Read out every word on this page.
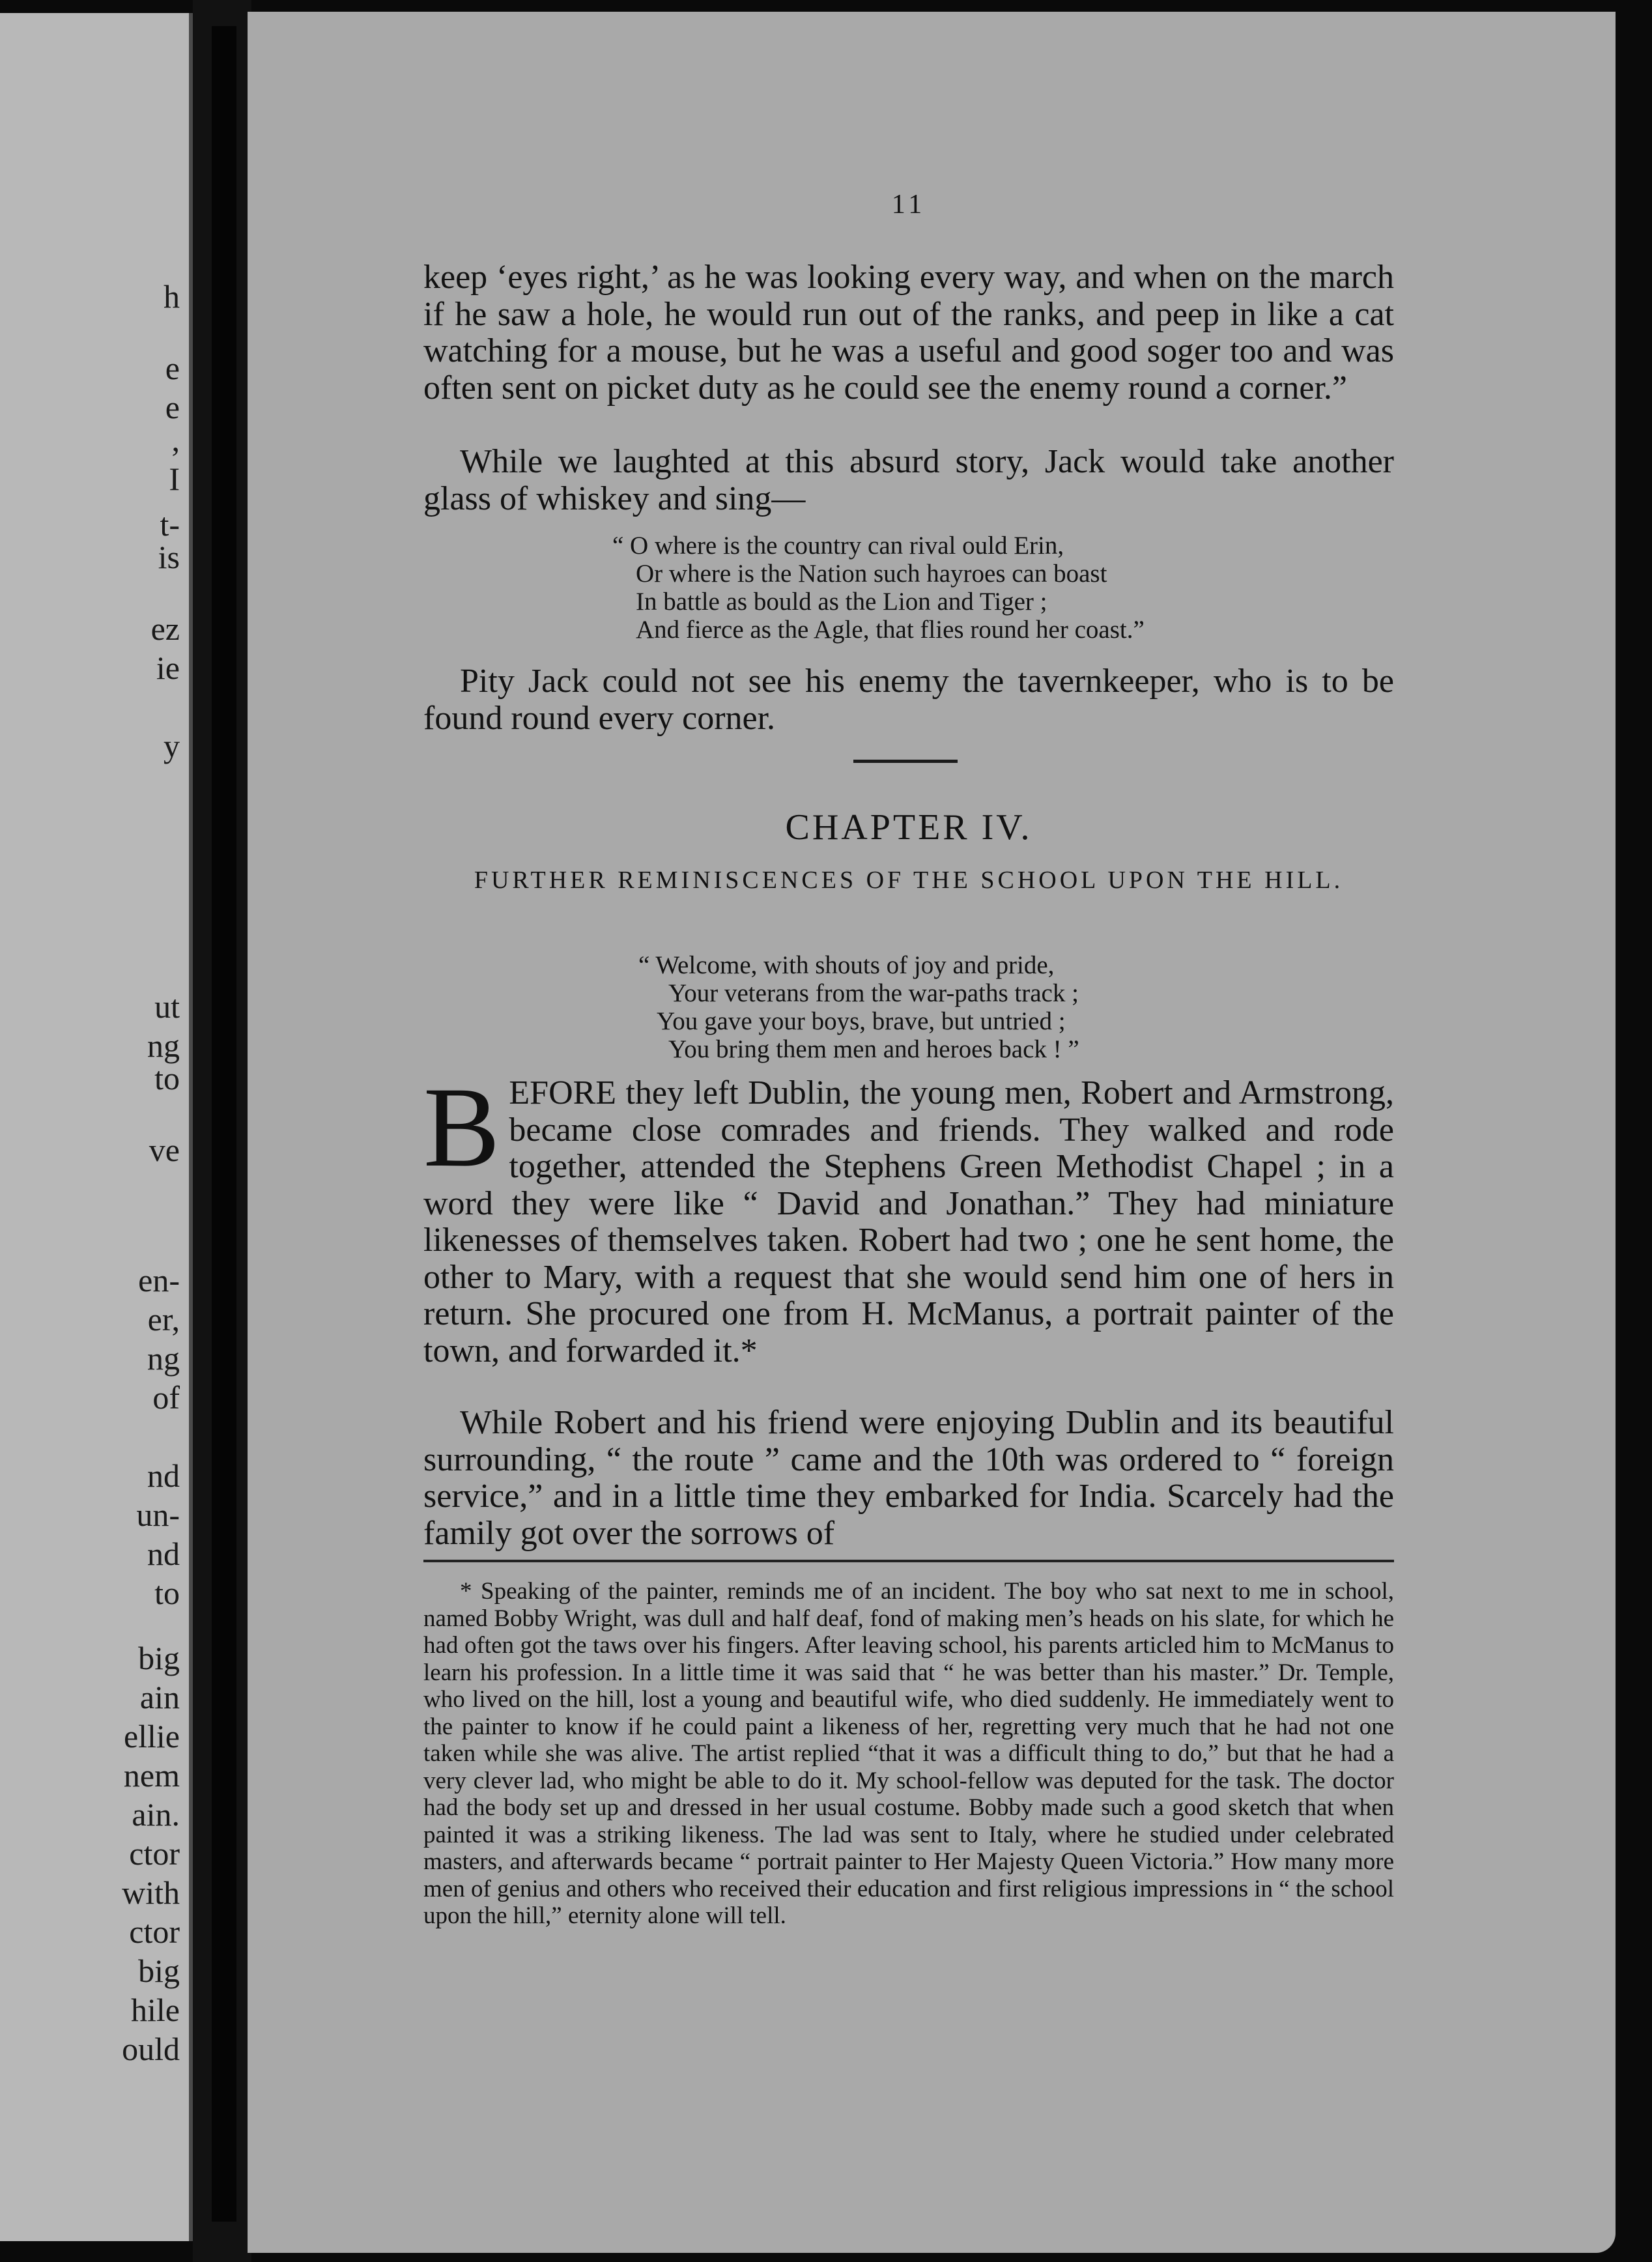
h
e
e
,
I
t-
is
ez
ie
y
ut
ng
to
ve
en-
er,
ng
of
nd
un-
nd
to
big
ain
ellie
nem
ain.
ctor
with
ctor
big
hile
ould
11

keep ‘eyes right,’ as he was looking every way, and when on the march if he saw a hole, he would run out of the ranks, and peep in like a cat watching for a mouse, but he was a useful and good soger too and was often sent on picket duty as he could see the enemy round a corner.”

While we laughted at this absurd story, Jack would take another glass of whiskey and sing—

“ O where is the country can rival ould Erin,
Or where is the Nation such hayroes can boast
In battle as bould as the Lion and Tiger ;
And fierce as the Agle, that flies round her coast.”

Pity Jack could not see his enemy the tavernkeeper, who is to be found round every corner.

CHAPTER IV.
FURTHER REMINISCENCES OF THE SCHOOL UPON THE HILL.

“ Welcome, with shouts of joy and pride,
Your veterans from the war-paths track ;
You gave your boys, brave, but untried ;
You bring them men and heroes back ! ”

B EFORE they left Dublin, the young men, Robert and Armstrong, became close comrades and friends. They walked and rode together, attended the Stephens Green Methodist Chapel ; in a word they were like “ David and Jonathan.” They had miniature likenesses of themselves taken. Robert had two ; one he sent home, the other to Mary, with a request that she would send him one of hers in return. She procured one from H. McManus, a portrait painter of the town, and forwarded it.*

While Robert and his friend were enjoying Dublin and its beautiful surrounding, “ the route ” came and the 10th was ordered to “ foreign service,” and in a little time they embarked for India. Scarcely had the family got over the sorrows of

* Speaking of the painter, reminds me of an incident. The boy who sat next to me in school, named Bobby Wright, was dull and half deaf, fond of making men’s heads on his slate, for which he had often got the taws over his fingers. After leaving school, his parents articled him to McManus to learn his profession. In a little time it was said that “ he was better than his master.” Dr. Temple, who lived on the hill, lost a young and beautiful wife, who died suddenly. He immediately went to the painter to know if he could paint a likeness of her, regretting very much that he had not one taken while she was alive. The artist replied “that it was a difficult thing to do,” but that he had a very clever lad, who might be able to do it. My school-fellow was deputed for the task. The doctor had the body set up and dressed in her usual costume. Bobby made such a good sketch that when painted it was a striking likeness. The lad was sent to Italy, where he studied under celebrated masters, and afterwards became “ portrait painter to Her Majesty Queen Victoria.” How many more men of genius and others who received their education and first religious impressions in “ the school upon the hill,” eternity alone will tell.
